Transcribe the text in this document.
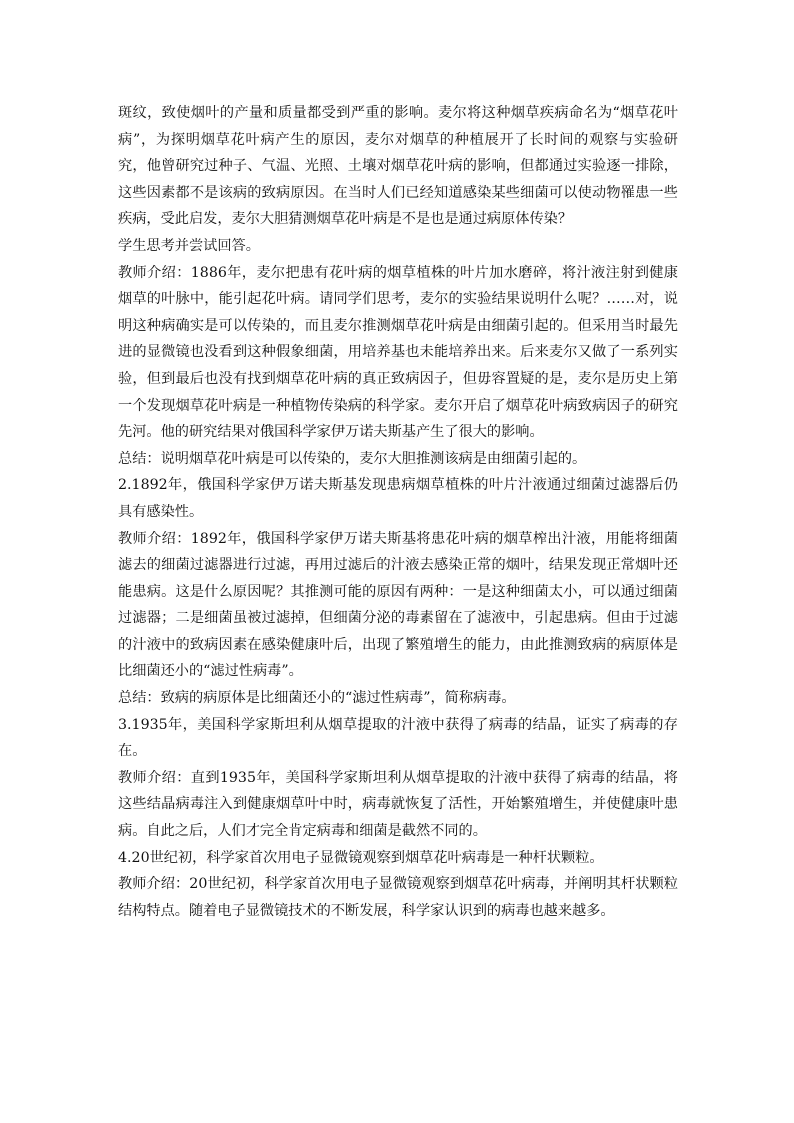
斑纹，致使烟叶的产量和质量都受到严重的影响。麦尔将这种烟草疾病命名为“烟草花叶病”，为探明烟草花叶病产生的原因，麦尔对烟草的种植展开了长时间的观察与实验研究，他曾研究过种子、气温、光照、土壤对烟草花叶病的影响，但都通过实验逐一排除，这些因素都不是该病的致病原因。在当时人们已经知道感染某些细菌可以使动物罹患一些疾病，受此启发，麦尔大胆猜测烟草花叶病是不是也是通过病原体传染？

学生思考并尝试回答。

教师介绍：1886年，麦尔把患有花叶病的烟草植株的叶片加水磨碎，将汁液注射到健康烟草的叶脉中，能引起花叶病。请同学们思考，麦尔的实验结果说明什么呢？……对，说明这种病确实是可以传染的，而且麦尔推测烟草花叶病是由细菌引起的。但采用当时最先进的显微镜也没看到这种假象细菌，用培养基也未能培养出来。后来麦尔又做了一系列实验，但到最后也没有找到烟草花叶病的真正致病因子，但毋容置疑的是，麦尔是历史上第一个发现烟草花叶病是一种植物传染病的科学家。麦尔开启了烟草花叶病致病因子的研究先河。他的研究结果对俄国科学家伊万诺夫斯基产生了很大的影响。

总结：说明烟草花叶病是可以传染的，麦尔大胆推测该病是由细菌引起的。

2.1892年，俄国科学家伊万诺夫斯基发现患病烟草植株的叶片汁液通过细菌过滤器后仍具有感染性。

教师介绍：1892年，俄国科学家伊万诺夫斯基将患花叶病的烟草榨出汁液，用能将细菌滤去的细菌过滤器进行过滤，再用过滤后的汁液去感染正常的烟叶，结果发现正常烟叶还能患病。这是什么原因呢？其推测可能的原因有两种：一是这种细菌太小，可以通过细菌过滤器；二是细菌虽被过滤掉，但细菌分泌的毒素留在了滤液中，引起患病。但由于过滤的汁液中的致病因素在感染健康叶后，出现了繁殖增生的能力，由此推测致病的病原体是比细菌还小的“滤过性病毒”。

总结：致病的病原体是比细菌还小的“滤过性病毒”，简称病毒。

3.1935年，美国科学家斯坦利从烟草提取的汁液中获得了病毒的结晶，证实了病毒的存在。

教师介绍：直到1935年，美国科学家斯坦利从烟草提取的汁液中获得了病毒的结晶，将这些结晶病毒注入到健康烟草叶中时，病毒就恢复了活性，开始繁殖增生，并使健康叶患病。自此之后，人们才完全肯定病毒和细菌是截然不同的。

4.20世纪初，科学家首次用电子显微镜观察到烟草花叶病毒是一种杆状颗粒。

教师介绍：20世纪初，科学家首次用电子显微镜观察到烟草花叶病毒，并阐明其杆状颗粒结构特点。随着电子显微镜技术的不断发展，科学家认识到的病毒也越来越多。
